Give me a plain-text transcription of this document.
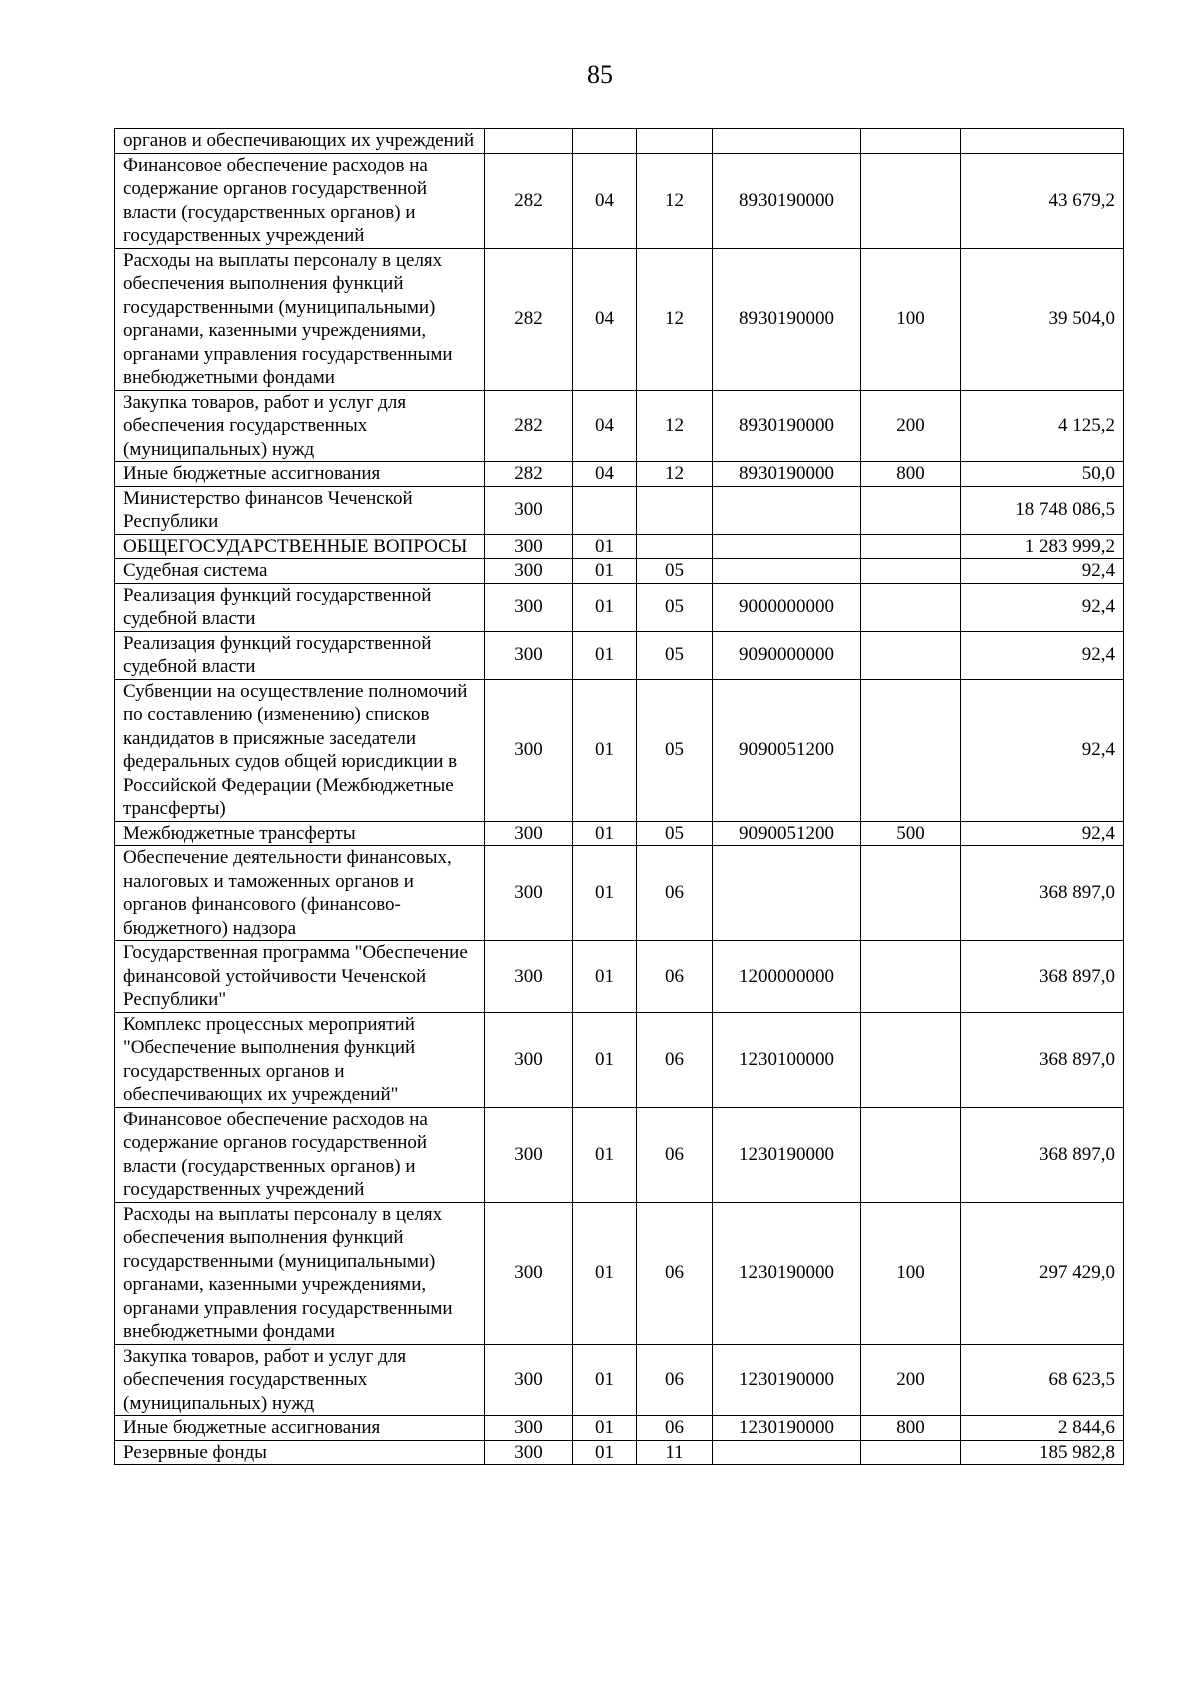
85
органов и обеспечивающих их учреждений						
Финансовое обеспечение расходов на содержание органов государственной власти (государственных органов) и государственных учреждений	282	04	12	8930190000		43 679,2
Расходы на выплаты персоналу в целях обеспечения выполнения функций государственными (муниципальными) органами, казенными учреждениями, органами управления государственными внебюджетными фондами	282	04	12	8930190000	100	39 504,0
Закупка товаров, работ и услуг для обеспечения государственных (муниципальных) нужд	282	04	12	8930190000	200	4 125,2
Иные бюджетные ассигнования	282	04	12	8930190000	800	50,0
Министерство финансов Чеченской Республики	300					18 748 086,5
ОБЩЕГОСУДАРСТВЕННЫЕ ВОПРОСЫ	300	01				1 283 999,2
Судебная система	300	01	05			92,4
Реализация функций государственной судебной власти	300	01	05	9000000000		92,4
Реализация функций государственной судебной власти	300	01	05	9090000000		92,4
Субвенции на осуществление полномочий по составлению (изменению) списков кандидатов в присяжные заседатели федеральных судов общей юрисдикции в Российской Федерации (Межбюджетные трансферты)	300	01	05	9090051200		92,4
Межбюджетные трансферты	300	01	05	9090051200	500	92,4
Обеспечение деятельности финансовых, налоговых и таможенных органов и органов финансового (финансово-бюджетного) надзора	300	01	06			368 897,0
Государственная программа "Обеспечение финансовой устойчивости Чеченской Республики"	300	01	06	1200000000		368 897,0
Комплекс процессных мероприятий "Обеспечение выполнения функций государственных органов и обеспечивающих их учреждений"	300	01	06	1230100000		368 897,0
Финансовое обеспечение расходов на содержание органов государственной власти (государственных органов) и государственных учреждений	300	01	06	1230190000		368 897,0
Расходы на выплаты персоналу в целях обеспечения выполнения функций государственными (муниципальными) органами, казенными учреждениями, органами управления государственными внебюджетными фондами	300	01	06	1230190000	100	297 429,0
Закупка товаров, работ и услуг для обеспечения государственных (муниципальных) нужд	300	01	06	1230190000	200	68 623,5
Иные бюджетные ассигнования	300	01	06	1230190000	800	2 844,6
Резервные фонды	300	01	11			185 982,8
